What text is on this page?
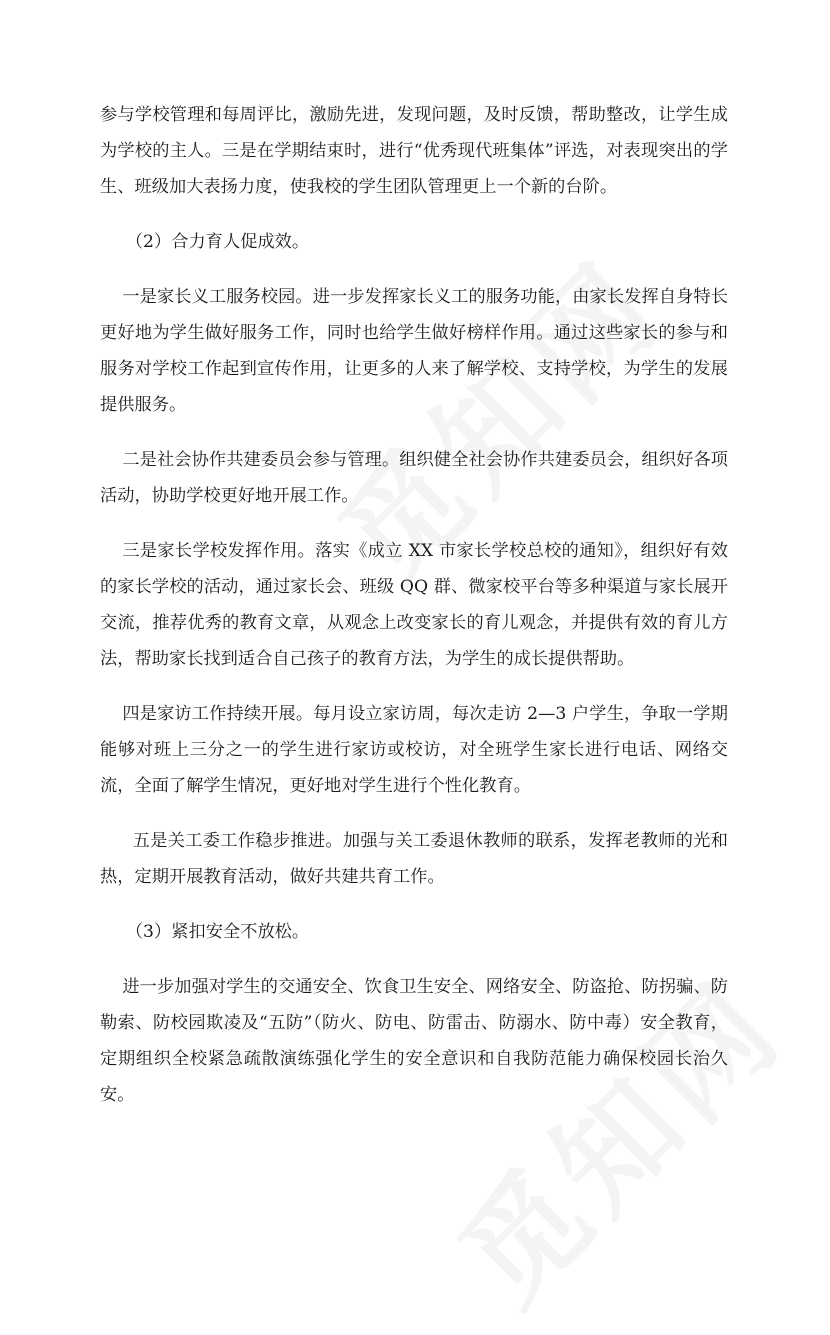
参与学校管理和每周评比，激励先进，发现问题，及时反馈，帮助整改，让学生成为学校的主人。三是在学期结束时，进行“优秀现代班集体”评选，对表现突出的学生、班级加大表扬力度，使我校的学生团队管理更上一个新的台阶。

（2）合力育人促成效。

一是家长义工服务校园。进一步发挥家长义工的服务功能，由家长发挥自身特长更好地为学生做好服务工作，同时也给学生做好榜样作用。通过这些家长的参与和服务对学校工作起到宣传作用，让更多的人来了解学校、支持学校，为学生的发展提供服务。

二是社会协作共建委员会参与管理。组织健全社会协作共建委员会，组织好各项活动，协助学校更好地开展工作。

三是家长学校发挥作用。落实《成立 XX 市家长学校总校的通知》，组织好有效的家长学校的活动，通过家长会、班级 QQ 群、微家校平台等多种渠道与家长展开交流，推荐优秀的教育文章，从观念上改变家长的育儿观念，并提供有效的育儿方法，帮助家长找到适合自己孩子的教育方法，为学生的成长提供帮助。

四是家访工作持续开展。每月设立家访周，每次走访 2—3 户学生，争取一学期能够对班上三分之一的学生进行家访或校访，对全班学生家长进行电话、网络交流，全面了解学生情况，更好地对学生进行个性化教育。

五是关工委工作稳步推进。加强与关工委退休教师的联系，发挥老教师的光和热，定期开展教育活动，做好共建共育工作。

（3）紧扣安全不放松。

进一步加强对学生的交通安全、饮食卫生安全、网络安全、防盗抢、防拐骗、防勒索、防校园欺凌及“五防”（防火、防电、防雷击、防溺水、防中毒）安全教育，定期组织全校紧急疏散演练强化学生的安全意识和自我防范能力确保校园长治久安。
